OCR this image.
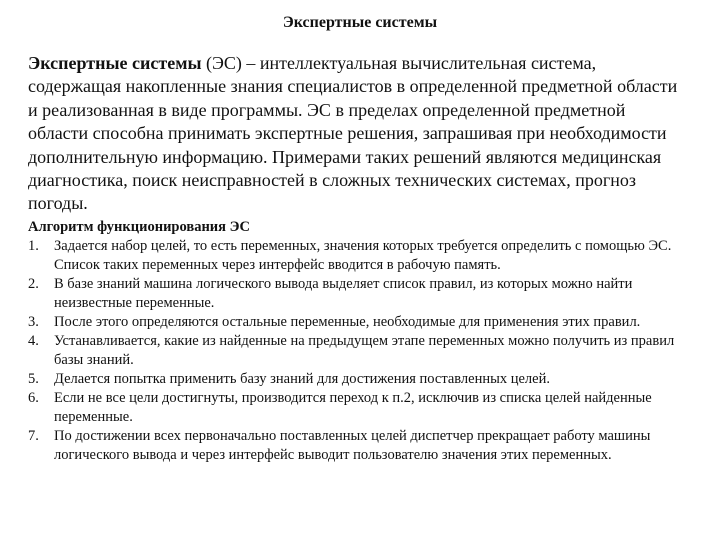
Экспертные системы

Экспертные системы (ЭС) – интеллектуальная вычислительная система, содержащая накопленные знания специалистов в определенной предметной области и реализованная в виде программы. ЭС в пределах определенной предметной области способна принимать экспертные решения, запрашивая при необходимости дополнительную информацию. Примерами таких решений являются медицинская диагностика, поиск неисправностей в сложных технических системах, прогноз погоды.

Алгоритм функционирования ЭС

1.	Задается набор целей, то есть переменных, значения которых требуется определить с помощью ЭС. Список таких переменных через интерфейс вводится в рабочую память.
2.	В базе знаний машина логического вывода выделяет список правил, из которых можно найти неизвестные переменные.
3.	После этого определяются остальные переменные, необходимые для применения этих правил.
4.	Устанавливается, какие из найденные на предыдущем этапе переменных можно получить из правил базы знаний.
5.	Делается попытка применить базу знаний для достижения поставленных целей.
6.	Если не все цели достигнуты, производится переход к п.2, исключив из списка целей найденные переменные.
7.	По достижении всех первоначально поставленных целей диспетчер прекращает работу машины логического вывода и через интерфейс выводит пользователю значения этих переменных.
